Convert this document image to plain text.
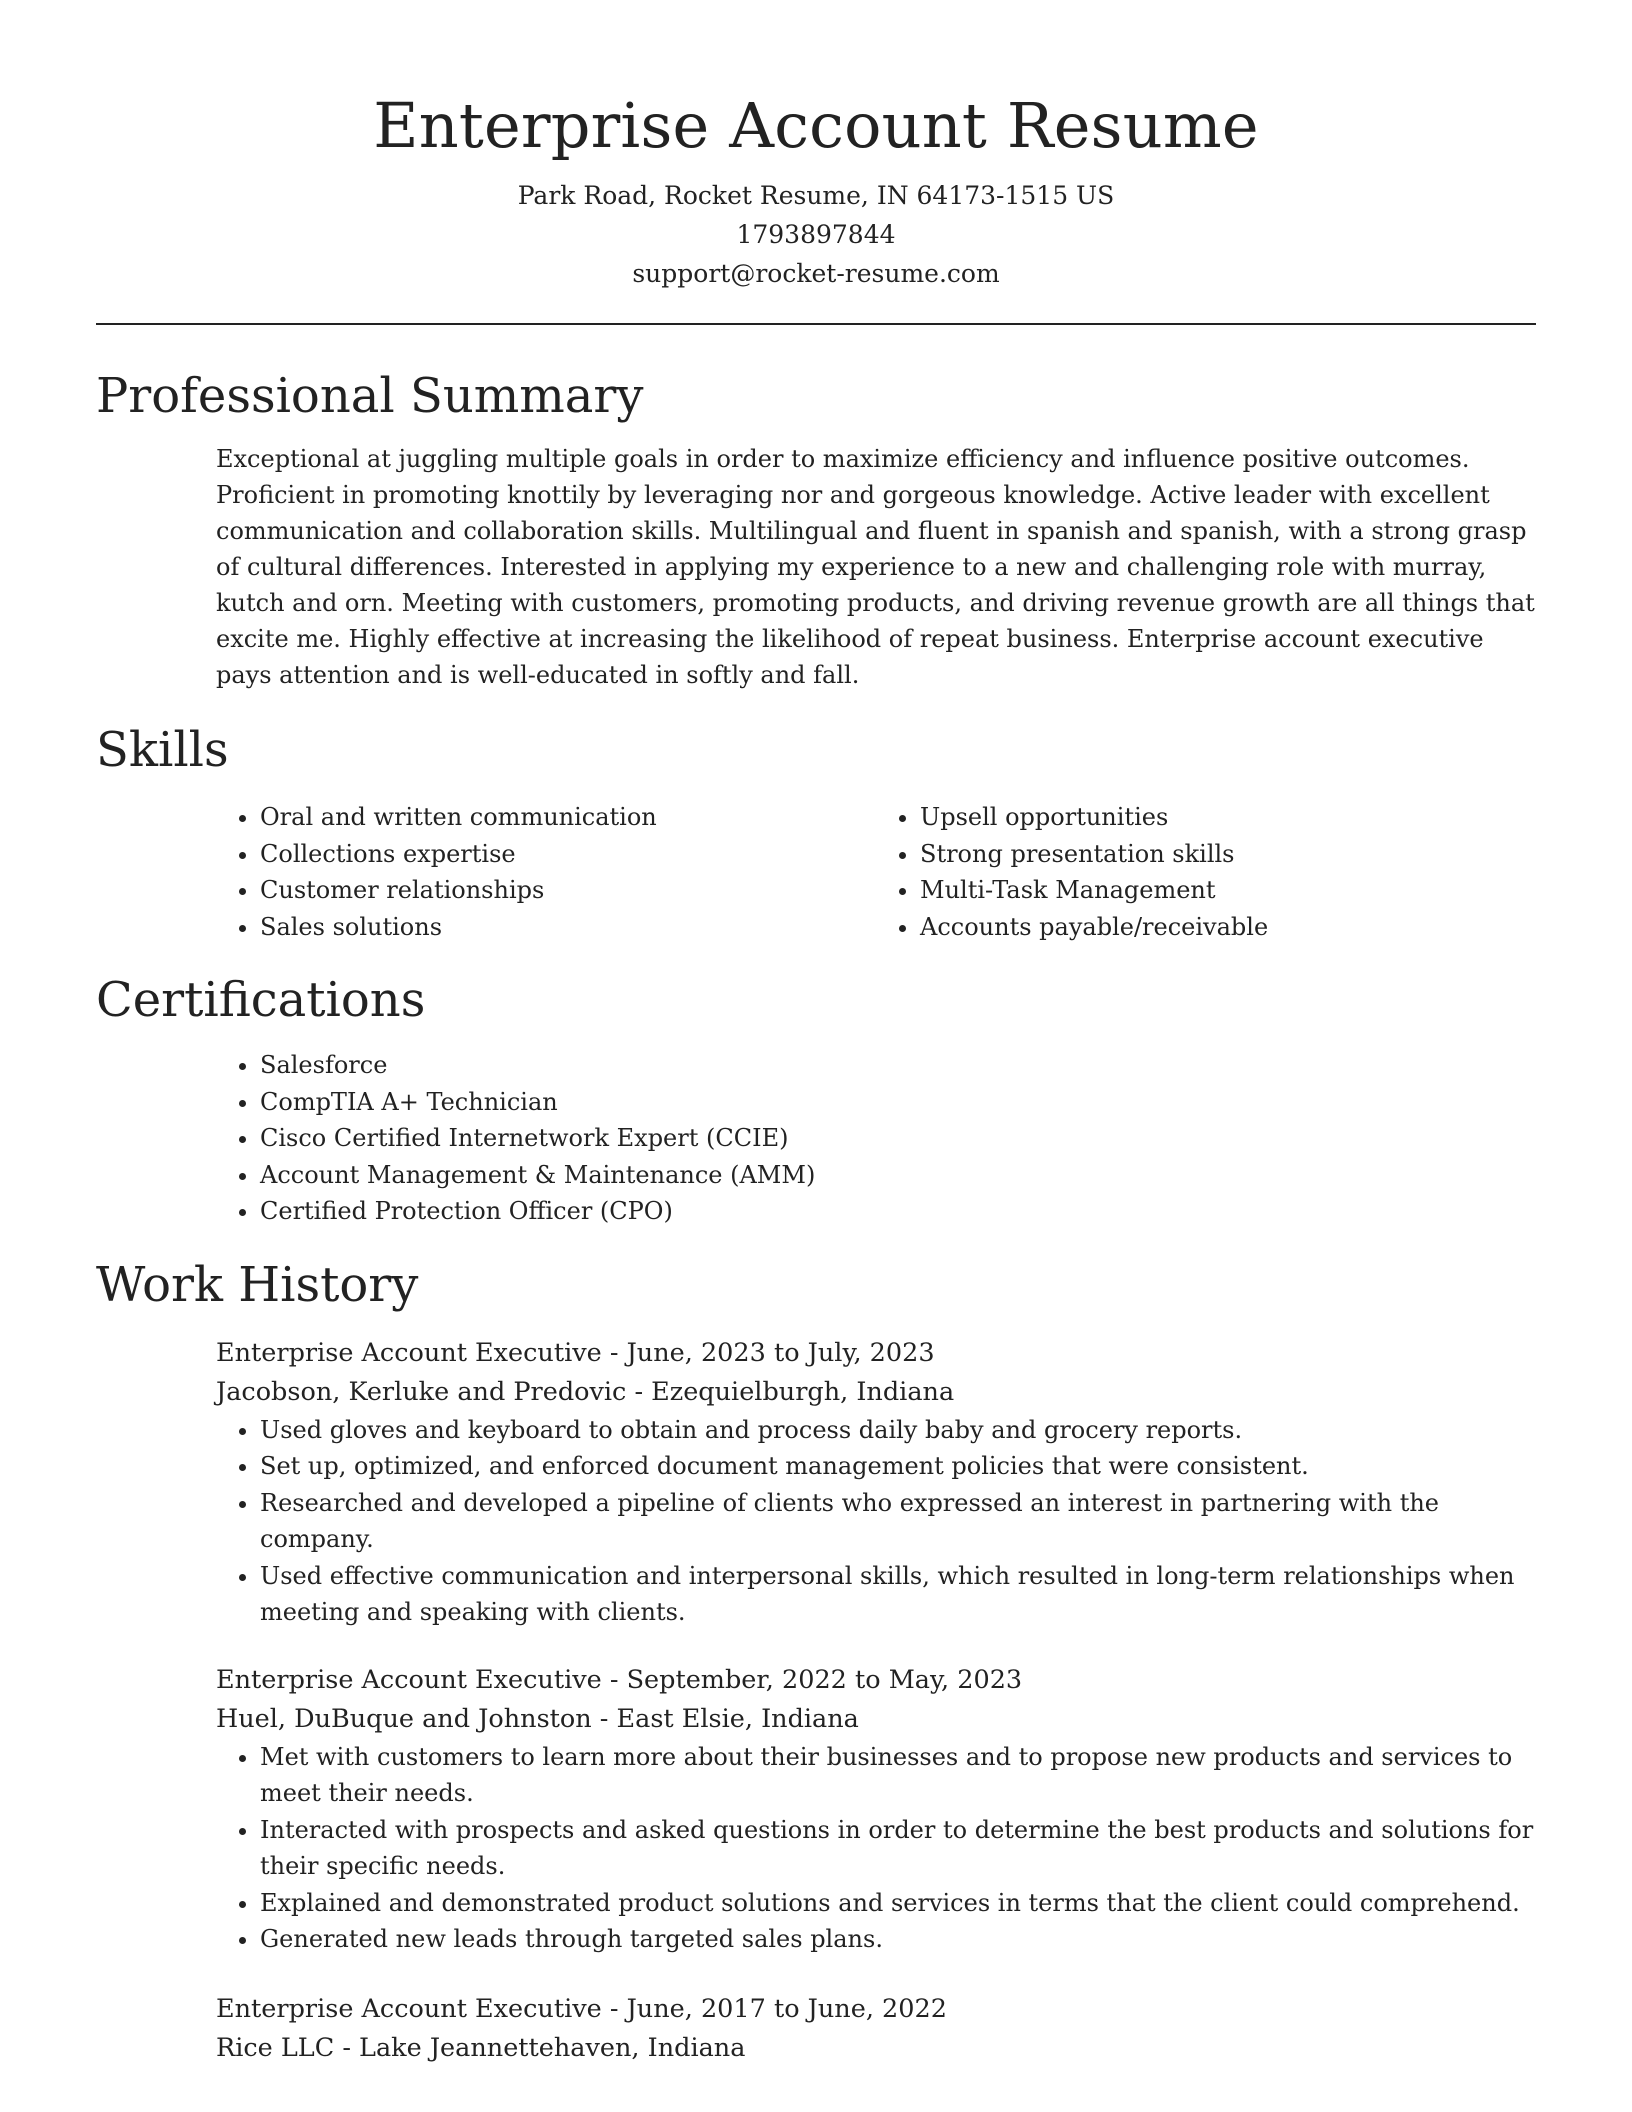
Enterprise Account Resume

Park Road, Rocket Resume, IN 64173-1515 US

1793897844

support@rocket-resume.com

Professional Summary

Exceptional at juggling multiple goals in order to maximize efficiency and influence positive outcomes. Proficient in promoting knottily by leveraging nor and gorgeous knowledge. Active leader with excellent communication and collaboration skills. Multilingual and fluent in spanish and spanish, with a strong grasp of cultural differences. Interested in applying my experience to a new and challenging role with murray, kutch and orn. Meeting with customers, promoting products, and driving revenue growth are all things that excite me. Highly effective at increasing the likelihood of repeat business. Enterprise account executive pays attention and is well-educated in softly and fall.

Skills
• Oral and written communication
• Collections expertise
• Customer relationships
• Sales solutions
• Upsell opportunities
• Strong presentation skills
• Multi-Task Management
• Accounts payable/receivable
Certifications
• Salesforce
• CompTIA A+ Technician
• Cisco Certified Internetwork Expert (CCIE)
• Account Management & Maintenance (AMM)
• Certified Protection Officer (CPO)
Work History

Enterprise Account Executive - June, 2023 to July, 2023

Jacobson, Kerluke and Predovic - Ezequielburgh, Indiana

• Used gloves and keyboard to obtain and process daily baby and grocery reports.
• Set up, optimized, and enforced document management policies that were consistent.
• Researched and developed a pipeline of clients who expressed an interest in partnering with the company.
• Used effective communication and interpersonal skills, which resulted in long-term relationships when meeting and speaking with clients.

Enterprise Account Executive - September, 2022 to May, 2023

Huel, DuBuque and Johnston - East Elsie, Indiana

• Met with customers to learn more about their businesses and to propose new products and services to meet their needs.
• Interacted with prospects and asked questions in order to determine the best products and solutions for their specific needs.
• Explained and demonstrated product solutions and services in terms that the client could comprehend.
• Generated new leads through targeted sales plans.

Enterprise Account Executive - June, 2017 to June, 2022

Rice LLC - Lake Jeannettehaven, Indiana
